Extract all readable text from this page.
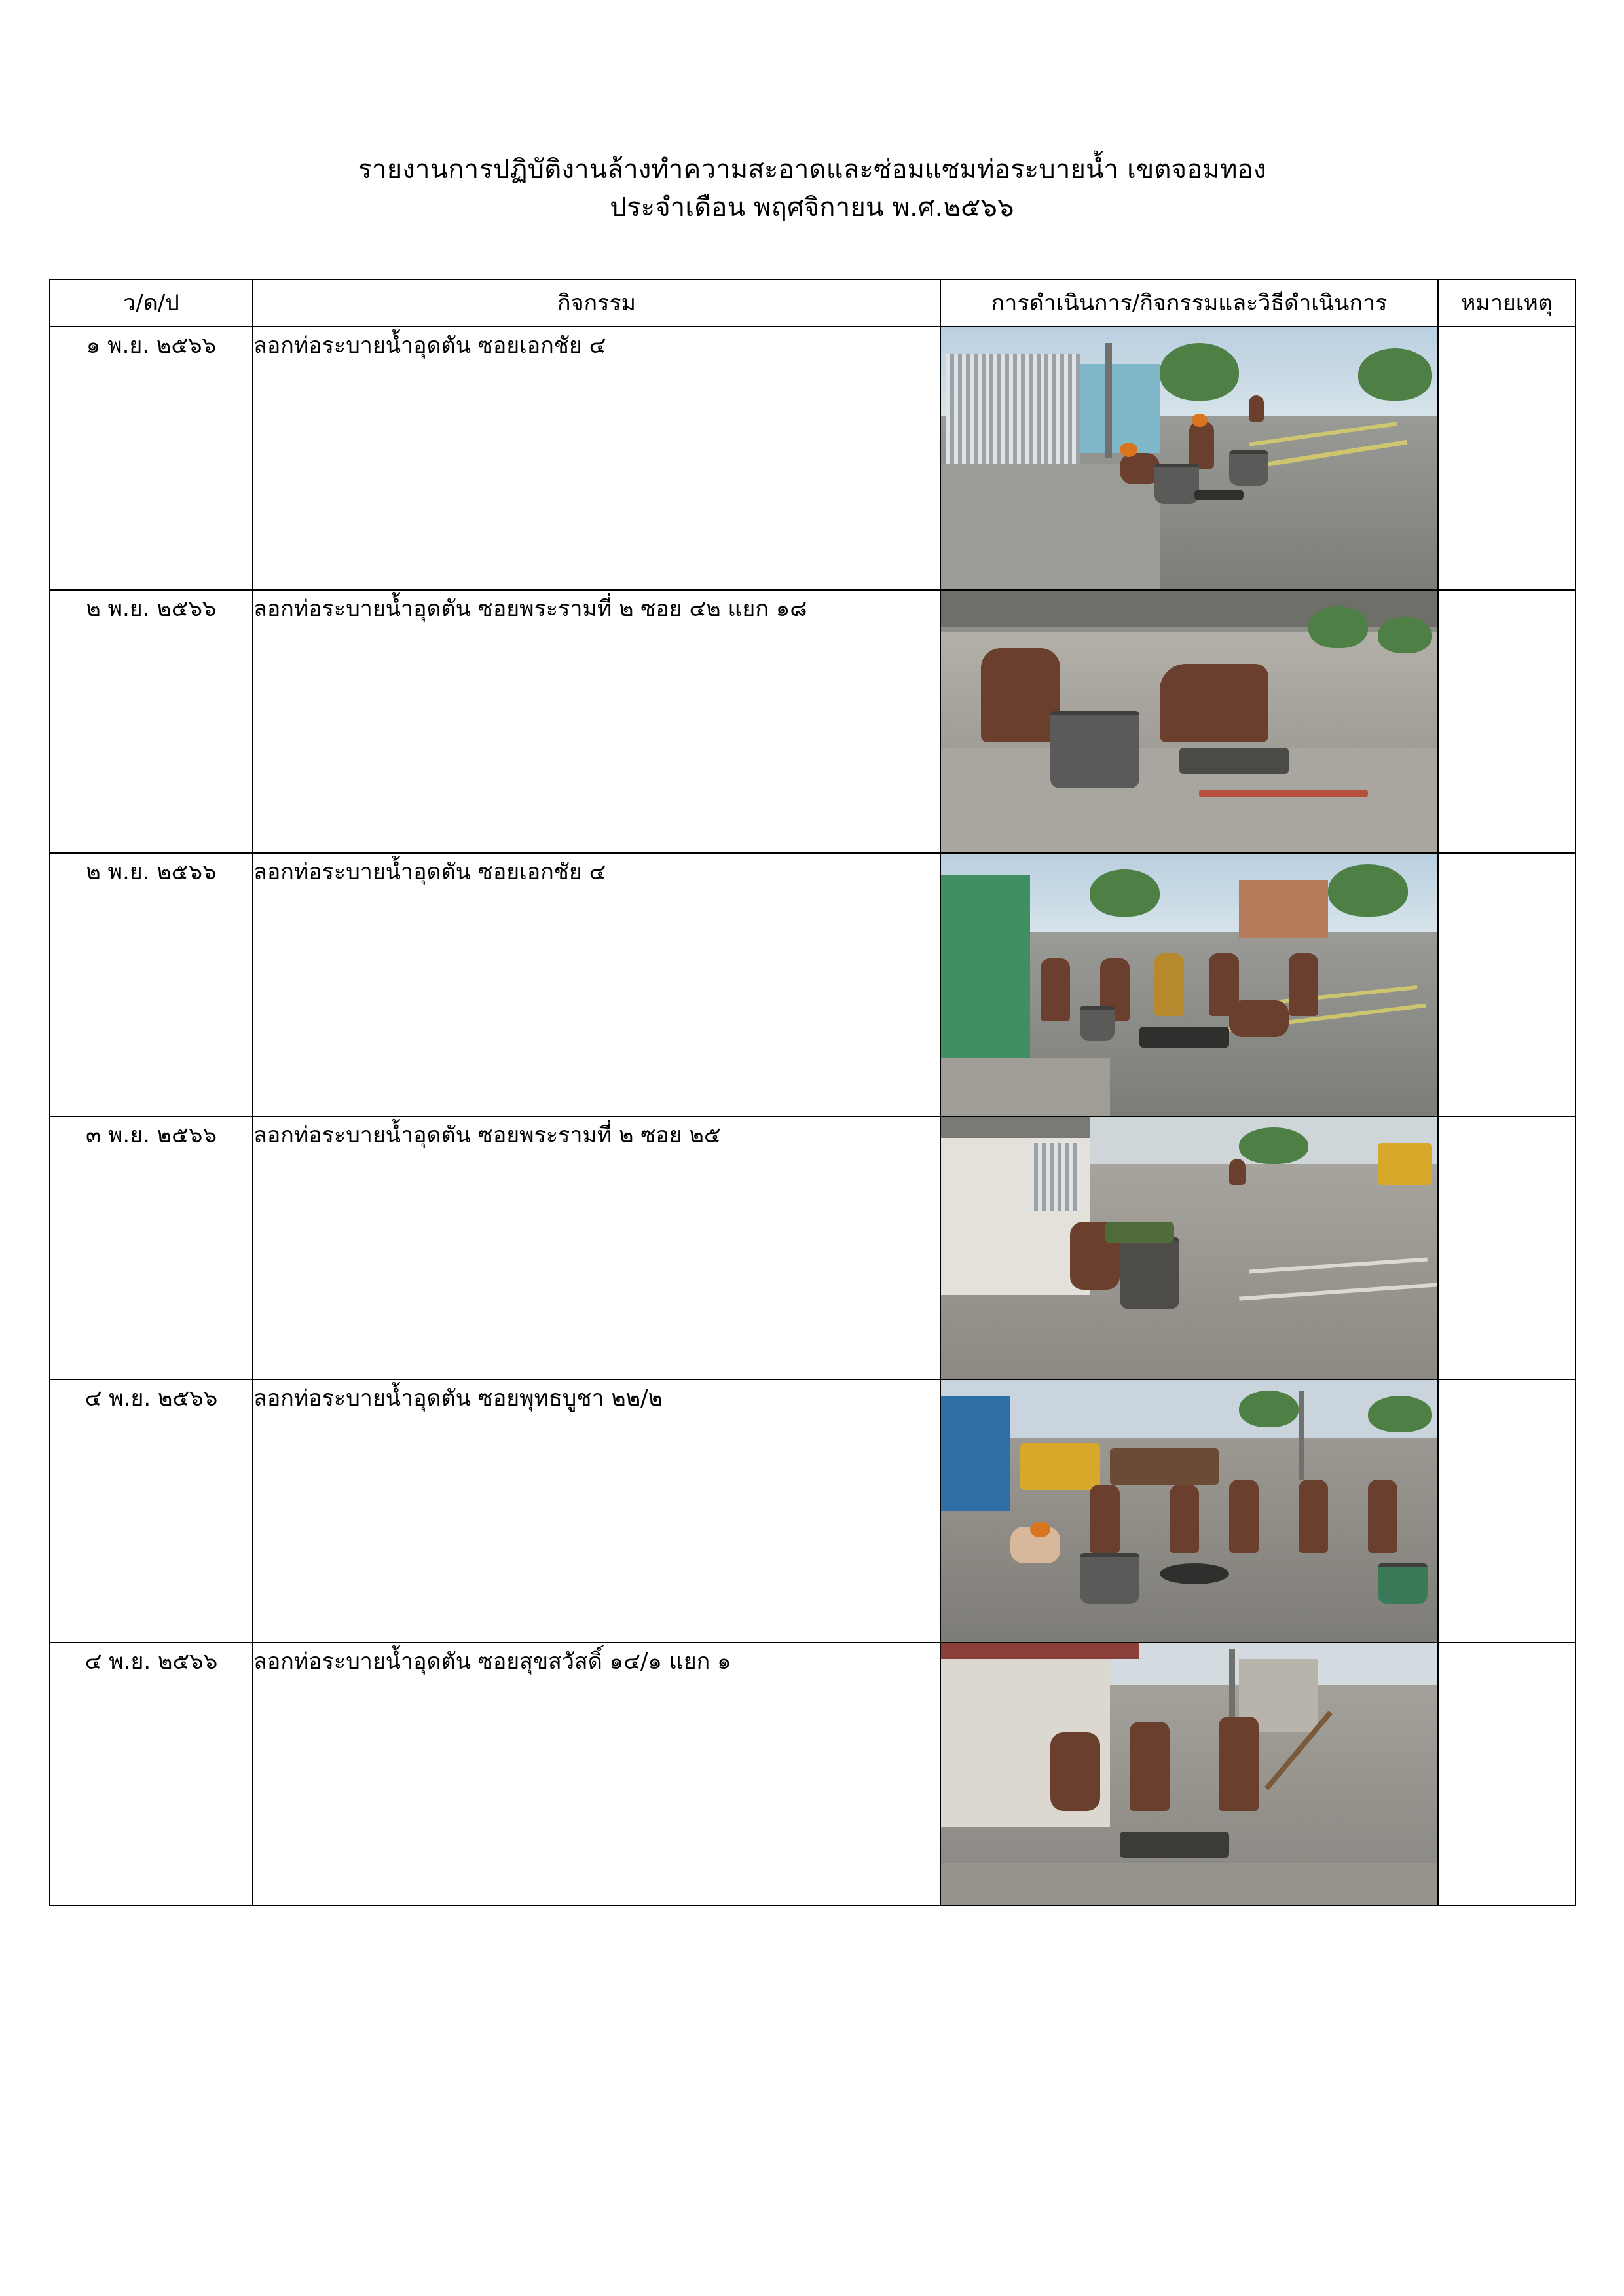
รายงานการปฏิบัติงานล้างทำความสะอาดและซ่อมแซมท่อระบายน้ำ เขตจอมทอง
ประจำเดือน พฤศจิกายน พ.ศ.๒๕๖๖
ว/ด/ป	กิจกรรม	การดำเนินการ/กิจกรรมและวิธีดำเนินการ	หมายเหตุ
๑ พ.ย. ๒๕๖๖	ลอกท่อระบายน้ำอุดตัน ซอยเอกชัย ๔	

๒ พ.ย. ๒๕๖๖	ลอกท่อระบายน้ำอุดตัน ซอยพระรามที่ ๒ ซอย ๔๒ แยก ๑๘	

๒ พ.ย. ๒๕๖๖	ลอกท่อระบายน้ำอุดตัน ซอยเอกชัย ๔	

๓ พ.ย. ๒๕๖๖	ลอกท่อระบายน้ำอุดตัน ซอยพระรามที่ ๒ ซอย ๒๕	

๔ พ.ย. ๒๕๖๖	ลอกท่อระบายน้ำอุดตัน ซอยพุทธบูชา ๒๒/๒	

๔ พ.ย. ๒๕๖๖	ลอกท่อระบายน้ำอุดตัน ซอยสุขสวัสดิ์ ๑๔/๑ แยก ๑	
